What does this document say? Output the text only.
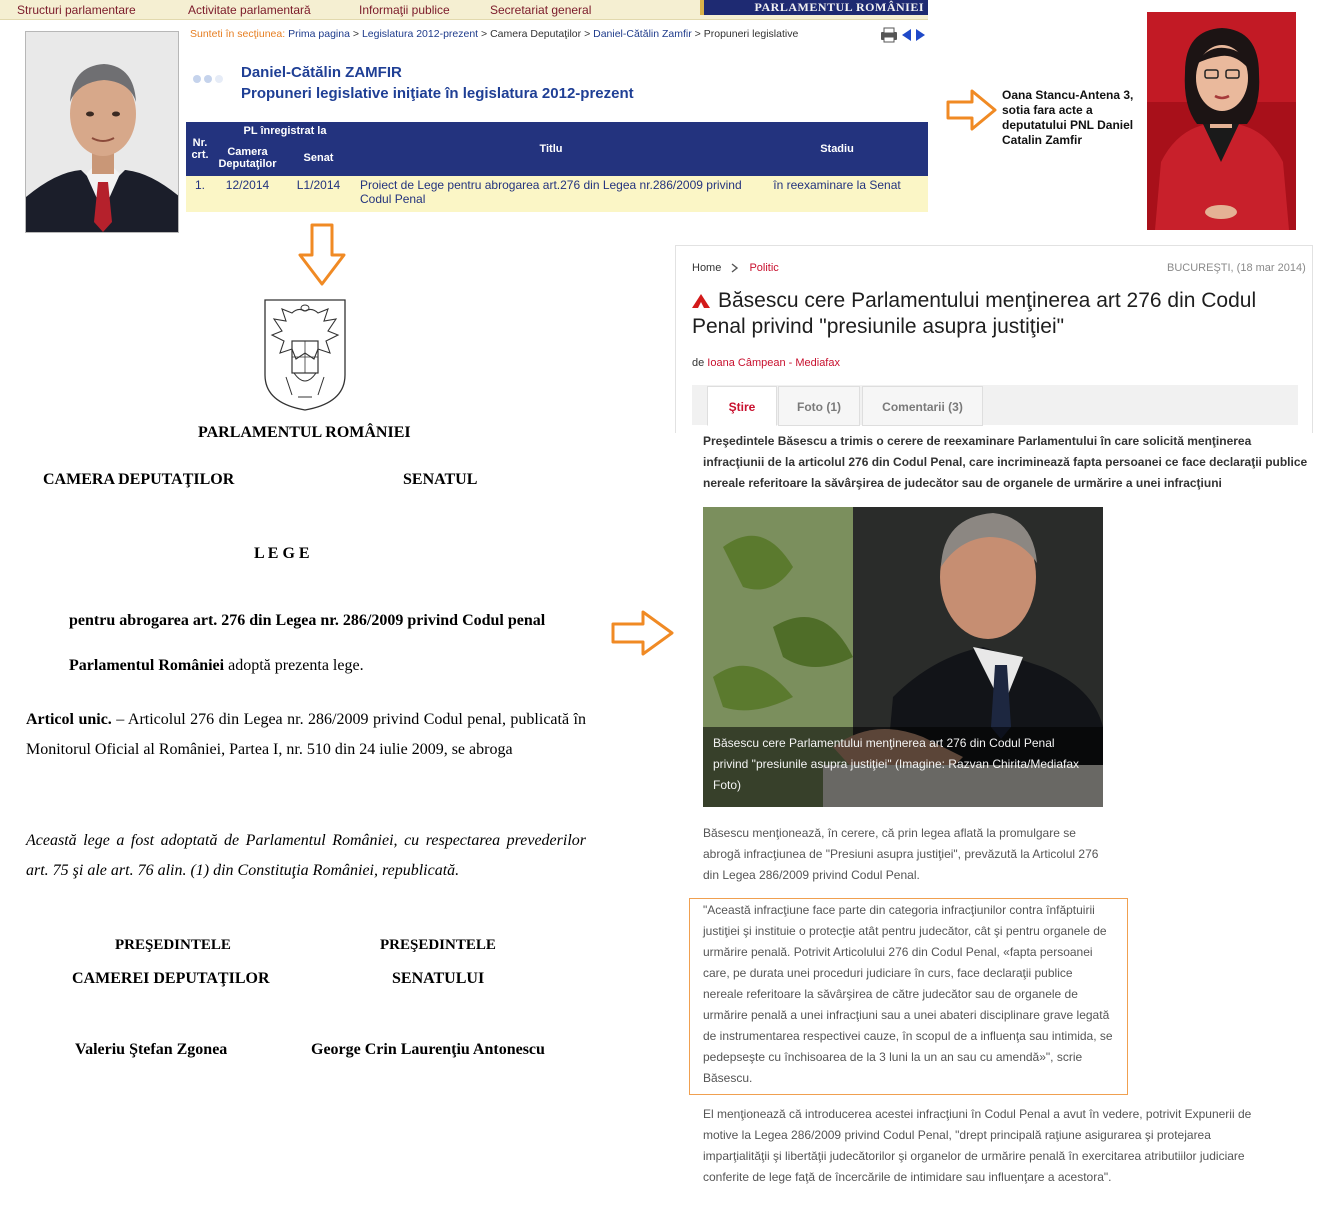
Structuri parlamentare	Activitate parlamentară	Informaţii publice	Secretariat general	PARLAMENTUL ROMÂNIEI
Sunteti în secţiunea: Prima pagina > Legislatura 2012-prezent > Camera Deputaţilor > Daniel-Cătălin Zamfir > Propuneri legislative
Daniel-Cătălin ZAMFIR
Propuneri legislative iniţiate în legislatura 2012-prezent
Nr. crt.	PL înregistrat la		Titlu	Stadiu
	Camera Deputaţilor	Senat		
1.	12/2014	L1/2014	Proiect de Lege pentru abrogarea art.276 din Legea nr.286/2009 privind Codul Penal	în reexaminare la Senat
Oana Stancu-Antena 3, sotia fara acte a deputatului PNL Daniel Catalin Zamfir
PARLAMENTUL ROMÂNIEI
CAMERA DEPUTAŢILOR	SENATUL
L E G E
pentru abrogarea art. 276 din Legea nr. 286/2009 privind Codul penal

Parlamentul României adoptă prezenta lege.

Articol unic. – Articolul 276 din Legea nr. 286/2009 privind Codul penal, publicată în Monitorul Oficial al României, Partea I, nr. 510 din 24 iulie 2009, se abroga

Această lege a fost adoptată de Parlamentul României, cu respectarea prevederilor art. 75 şi ale art. 76 alin. (1) din Constituţia României, republicată.

PREŞEDINTELE
CAMEREI DEPUTAŢILOR
PREŞEDINTELE
SENATULUI
Valeriu Ştefan Zgonea	George Crin Laurenţiu Antonescu
Home	Politic	BUCUREŞTI, (18 mar 2014)
Băsescu cere Parlamentului menţinerea art 276 din Codul Penal privind "presiunile asupra justiţiei"
de Ioana Câmpean - Mediafax
Ştire	Foto (1)	Comentarii (3)
Preşedintele Băsescu a trimis o cerere de reexaminare Parlamentului în care solicită menţinerea infracţiunii de la articolul 276 din Codul Penal, care incriminează fapta persoanei ce face declaraţii publice nereale referitoare la săvârşirea de judecător sau de organele de urmărire a unei infracţiuni
Băsescu cere Parlamentului menţinerea art 276 din Codul Penal privind "presiunile asupra justiţiei" (Imagine: Razvan Chirita/Mediafax Foto)
Băsescu menţionează, în cerere, că prin legea aflată la promulgare se abrogă infracţiunea de "Presiuni asupra justiţiei", prevăzută la Articolul 276 din Legea 286/2009 privind Codul Penal.
"Această infracţiune face parte din categoria infracţiunilor contra înfăptuirii justiţiei şi instituie o protecţie atât pentru judecător, cât şi pentru organele de urmărire penală. Potrivit Articolului 276 din Codul Penal, «fapta persoanei care, pe durata unei proceduri judiciare în curs, face declaraţii publice nereale referitoare la săvârşirea de către judecător sau de organele de urmărire penală a unei infracţiuni sau a unei abateri disciplinare grave legată de instrumentarea respectivei cauze, în scopul de a influenţa sau intimida, se pedepseşte cu închisoarea de la 3 luni la un an sau cu amendă»", scrie Băsescu.
El menţionează că introducerea acestei infracţiuni în Codul Penal a avut în vedere, potrivit Expunerii de motive la Legea 286/2009 privind Codul Penal, "drept principală raţiune asigurarea şi protejarea imparţialităţii şi libertăţii judecătorilor şi organelor de urmărire penală în exercitarea atributiilor judiciare conferite de lege faţă de încercările de intimidare sau influenţare a acestora".
